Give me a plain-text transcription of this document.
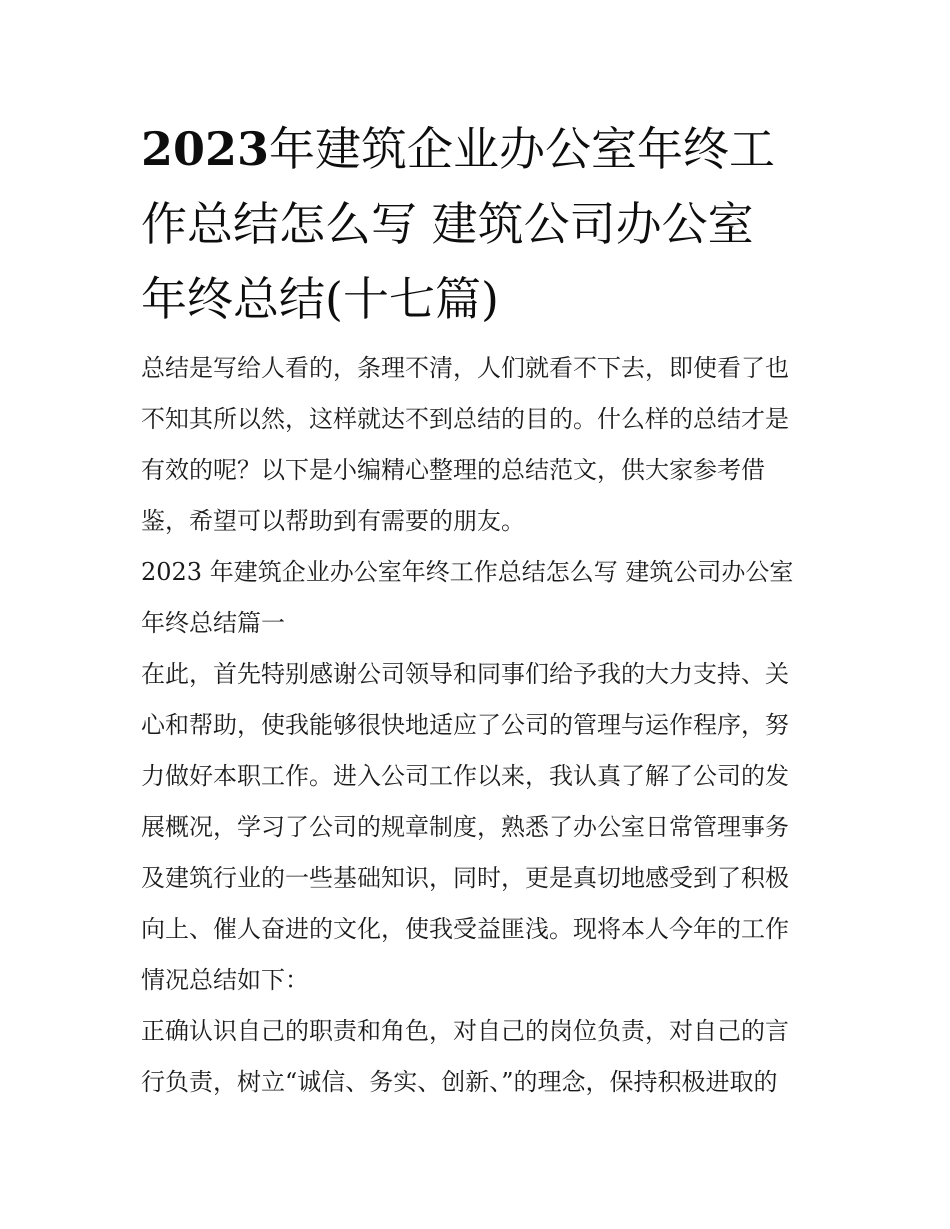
2023年建筑企业办公室年终工
作总结怎么写 建筑公司办公室
年终总结(十七篇)
总结是写给人看的，条理不清，人们就看不下去，即使看了也
不知其所以然，这样就达不到总结的目的。什么样的总结才是
有效的呢？以下是小编精心整理的总结范文，供大家参考借
鉴，希望可以帮助到有需要的朋友。
2023 年建筑企业办公室年终工作总结怎么写 建筑公司办公室
年终总结篇一
在此，首先特别感谢公司领导和同事们给予我的大力支持、关
心和帮助，使我能够很快地适应了公司的管理与运作程序，努
力做好本职工作。进入公司工作以来，我认真了解了公司的发
展概况，学习了公司的规章制度，熟悉了办公室日常管理事务
及建筑行业的一些基础知识，同时，更是真切地感受到了积极
向上、催人奋进的文化，使我受益匪浅。现将本人今年的工作
情况总结如下：
正确认识自己的职责和角色，对自己的岗位负责，对自己的言
行负责，树立“诚信、务实、创新、”的理念，保持积极进取的
